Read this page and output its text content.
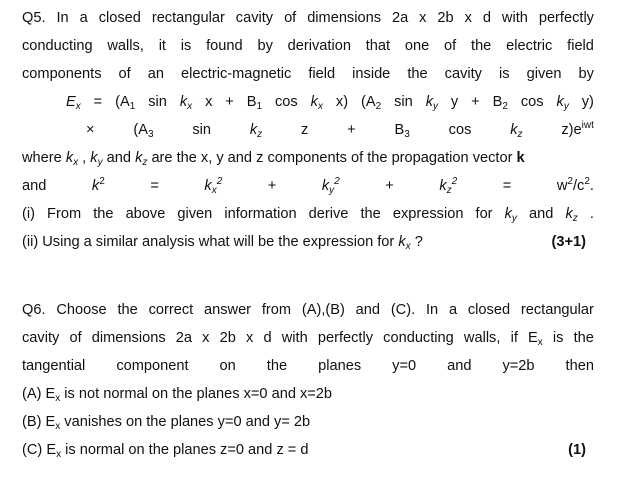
Q5. In a closed rectangular cavity of dimensions 2a x 2b x d with perfectly
conducting walls, it is found by derivation that one of the electric field
components of an electric-magnetic field inside the cavity is given by
$E_x = (A_1$ $\sin k_x$ $x + B_1$ $\cos k_x$ x) ($A_2$ $\sin k_y$ $y + B_2$ $\cos k_y$ y)
×	($A_3$	sin	$k_z$	z	+	$B_3$	cos	$k_z$	$z)e^{iwt}$
where $k_x$ , $k_y$ and $k_z$ are the x, y and z components of the propagation vector k
and	$k^2$	=	$k_x^2$	+	$k_y^2$	+	$k_z^2$	=	$w^2/c^2$.
(i) From the above given information derive the expression for $k_y$ and $k_z$ .
(ii) Using a similar analysis what will be the expression for $k_x$ ?	(3+1)
Q6. Choose the correct answer from (A),(B) and (C). In a closed rectangular
cavity of dimensions 2a x 2b x d with perfectly conducting walls, if $E_x$ is the
tangential component on the planes y=0 and y=2b then
(A) $E_x$ is not normal on the planes x=0 and x=2b
(B) $E_x$ vanishes on the planes y=0 and y= 2b
(C) $E_x$ is normal on the planes z=0 and z = d	(1)
